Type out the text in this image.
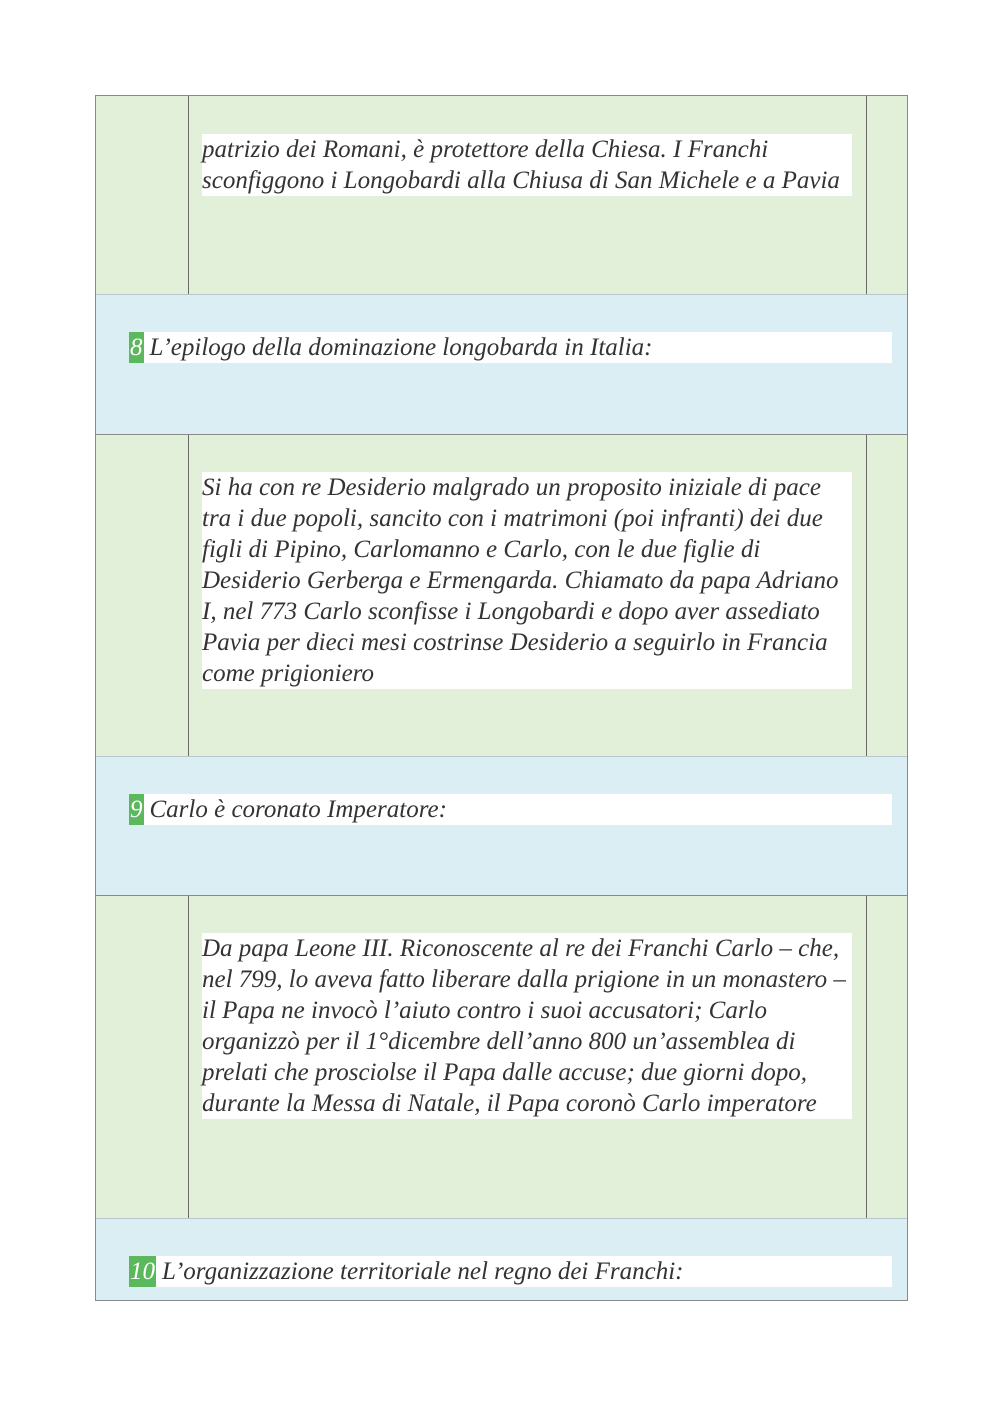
patrizio dei Romani, è protettore della Chiesa. I Franchi sconfiggono i Longobardi alla Chiusa di San Michele e a Pavia
8 L’epilogo della dominazione longobarda in Italia:
Si ha con re Desiderio malgrado un proposito iniziale di pace tra i due popoli, sancito con i matrimoni (poi infranti) dei due figli di Pipino, Carlomanno e Carlo, con le due figlie di Desiderio Gerberga e Ermengarda. Chiamato da papa Adriano I, nel 773 Carlo sconfisse i Longobardi e dopo aver assediato Pavia per dieci mesi costrinse Desiderio a seguirlo in Francia come prigioniero
9 Carlo è coronato Imperatore:
Da papa Leone III. Riconoscente al re dei Franchi Carlo – che, nel 799, lo aveva fatto liberare dalla prigione in un monastero – il Papa ne invocò l’aiuto contro i suoi accusatori; Carlo organizzò per il 1°dicembre dell’anno 800 un’assemblea di prelati che prosciolse il Papa dalle accuse; due giorni dopo, durante la Messa di Natale, il Papa coronò Carlo imperatore
10 L’organizzazione territoriale nel regno dei Franchi:
